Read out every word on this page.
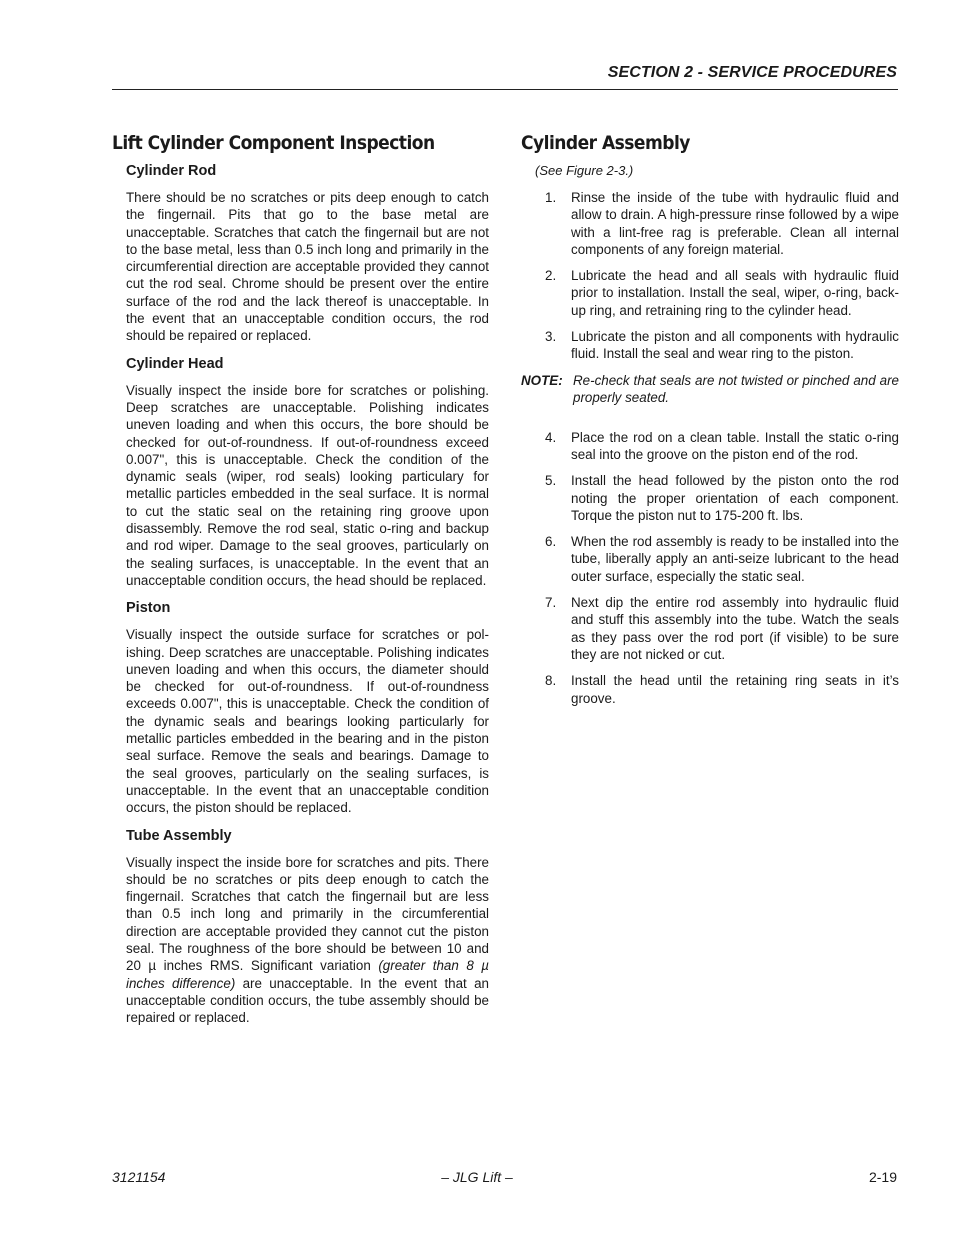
SECTION 2 - SERVICE PROCEDURES
Lift Cylinder Component Inspection
Cylinder Rod

There should be no scratches or pits deep enough to catch the fingernail. Pits that go to the base metal are unacceptable. Scratches that catch the fingernail but are not to the base metal, less than 0.5 inch long and primarily in the circumferential direction are acceptable provided they cannot cut the rod seal. Chrome should be present over the entire surface of the rod and the lack thereof is unacceptable. In the event that an unacceptable condition occurs, the rod should be repaired or replaced.

Cylinder Head

Visually inspect the inside bore for scratches or polishing. Deep scratches are unacceptable. Polishing indicates uneven loading and when this occurs, the bore should be checked for out-of-roundness. If out-of-roundness exceed 0.007", this is unacceptable. Check the condition of the dynamic seals (wiper, rod seals) looking particulary for metallic particles embedded in the seal surface. It is normal to cut the static seal on the retaining ring groove upon disassembly. Remove the rod seal, static o-ring and backup and rod wiper. Damage to the seal grooves, particularly on the sealing surfaces, is unacceptable. In the event that an unacceptable condition occurs, the head should be replaced.

Piston

Visually inspect the outside surface for scratches or polishing. Deep scratches are unacceptable. Polishing indicates uneven loading and when this occurs, the diameter should be checked for out-of-roundness. If out-of-roundness exceeds 0.007", this is unacceptable. Check the condition of the dynamic seals and bearings looking particularly for metallic particles embedded in the bearing and in the piston seal surface. Remove the seals and bearings. Damage to the seal grooves, particularly on the sealing surfaces, is unacceptable. In the event that an unacceptable condition occurs, the piston should be replaced.

Tube Assembly

Visually inspect the inside bore for scratches and pits. There should be no scratches or pits deep enough to catch the fingernail. Scratches that catch the fingernail but are less than 0.5 inch long and primarily in the circumferential direction are acceptable provided they cannot cut the piston seal. The roughness of the bore should be between 10 and 20 µ inches RMS. Significant variation (greater than 8 µ inches difference) are unacceptable. In the event that an unacceptable condition occurs, the tube assembly should be repaired or replaced.

Cylinder Assembly
(See Figure 2-3.)
1. Rinse the inside of the tube with hydraulic fluid and allow to drain. A high-pressure rinse followed by a wipe with a lint-free rag is preferable. Clean all internal components of any foreign material.
2. Lubricate the head and all seals with hydraulic fluid prior to installation. Install the seal, wiper, o-ring, back-up ring, and retraining ring to the cylinder head.
3. Lubricate the piston and all components with hydraulic fluid. Install the seal and wear ring to the piston.
NOTE: Re-check that seals are not twisted or pinched and are properly seated.
4. Place the rod on a clean table. Install the static o-ring seal into the groove on the piston end of the rod.
5. Install the head followed by the piston onto the rod noting the proper orientation of each component. Torque the piston nut to 175-200 ft. lbs.
6. When the rod assembly is ready to be installed into the tube, liberally apply an anti-seize lubricant to the head outer surface, especially the static seal.
7. Next dip the entire rod assembly into hydraulic fluid and stuff this assembly into the tube. Watch the seals as they pass over the rod port (if visible) to be sure they are not nicked or cut.
8. Install the head until the retaining ring seats in it’s groove.
– JLG Lift –
3121154	2-19
